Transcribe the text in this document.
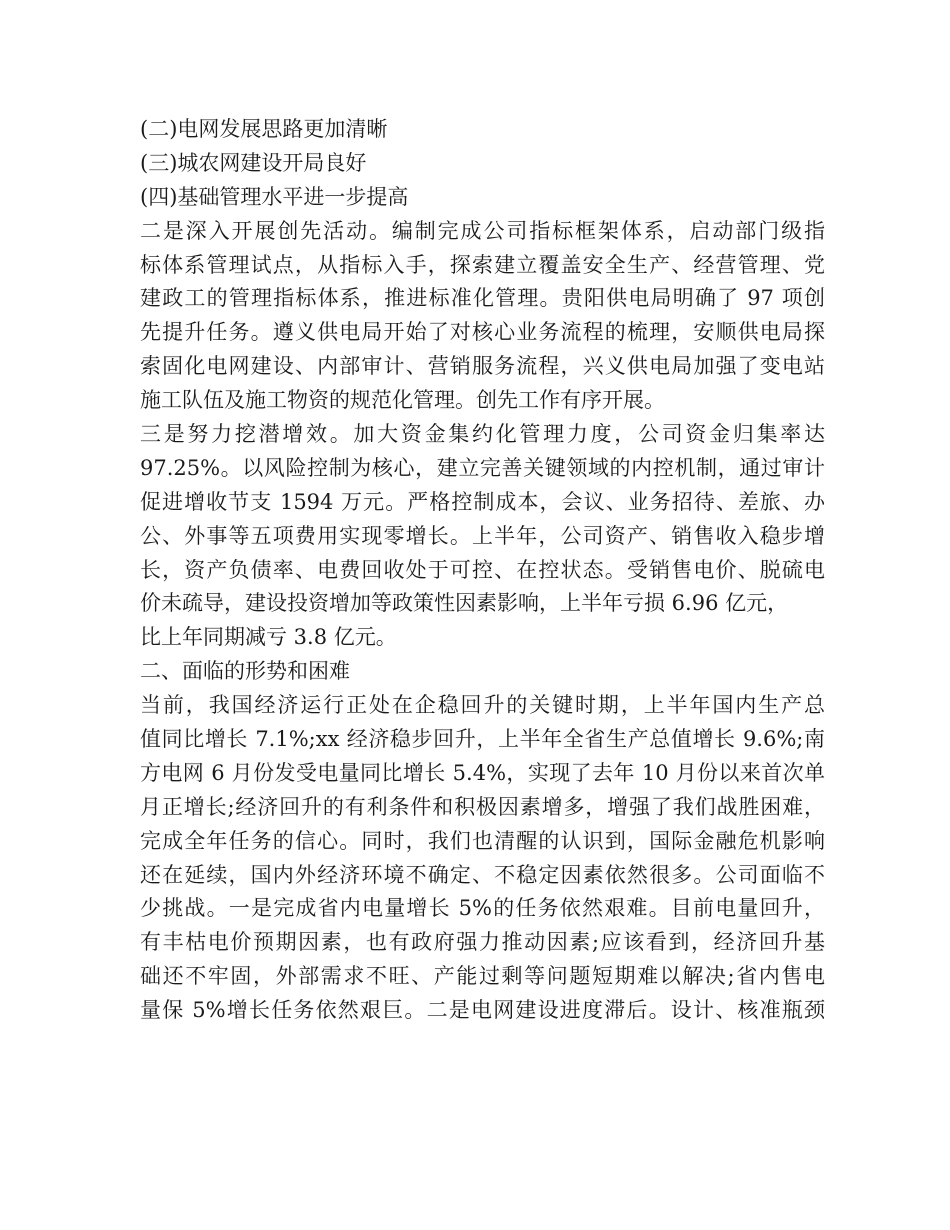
(二)电网发展思路更加清晰
(三)城农网建设开局良好
(四)基础管理水平进一步提高
二是深入开展创先活动。编制完成公司指标框架体系，启动部门级指
标体系管理试点，从指标入手，探索建立覆盖安全生产、经营管理、党
建政工的管理指标体系，推进标准化管理。贵阳供电局明确了 97 项创
先提升任务。遵义供电局开始了对核心业务流程的梳理，安顺供电局探
索固化电网建设、内部审计、营销服务流程，兴义供电局加强了变电站
施工队伍及施工物资的规范化管理。创先工作有序开展。
三是努力挖潜增效。加大资金集约化管理力度，公司资金归集率达
97.25%。以风险控制为核心，建立完善关键领域的内控机制，通过审计
促进增收节支 1594 万元。严格控制成本，会议、业务招待、差旅、办
公、外事等五项费用实现零增长。上半年，公司资产、销售收入稳步增
长，资产负债率、电费回收处于可控、在控状态。受销售电价、脱硫电
价未疏导，建设投资增加等政策性因素影响，上半年亏损 6.96 亿元，
比上年同期减亏 3.8 亿元。
二、面临的形势和困难
当前，我国经济运行正处在企稳回升的关键时期，上半年国内生产总
值同比增长 7.1%;xx 经济稳步回升，上半年全省生产总值增长 9.6%;南
方电网 6 月份发受电量同比增长 5.4%，实现了去年 10 月份以来首次单
月正增长;经济回升的有利条件和积极因素增多，增强了我们战胜困难，
完成全年任务的信心。同时，我们也清醒的认识到，国际金融危机影响
还在延续，国内外经济环境不确定、不稳定因素依然很多。公司面临不
少挑战。一是完成省内电量增长 5%的任务依然艰难。目前电量回升，
有丰枯电价预期因素，也有政府强力推动因素;应该看到，经济回升基
础还不牢固，外部需求不旺、产能过剩等问题短期难以解决;省内售电
量保 5%增长任务依然艰巨。二是电网建设进度滞后。设计、核准瓶颈
